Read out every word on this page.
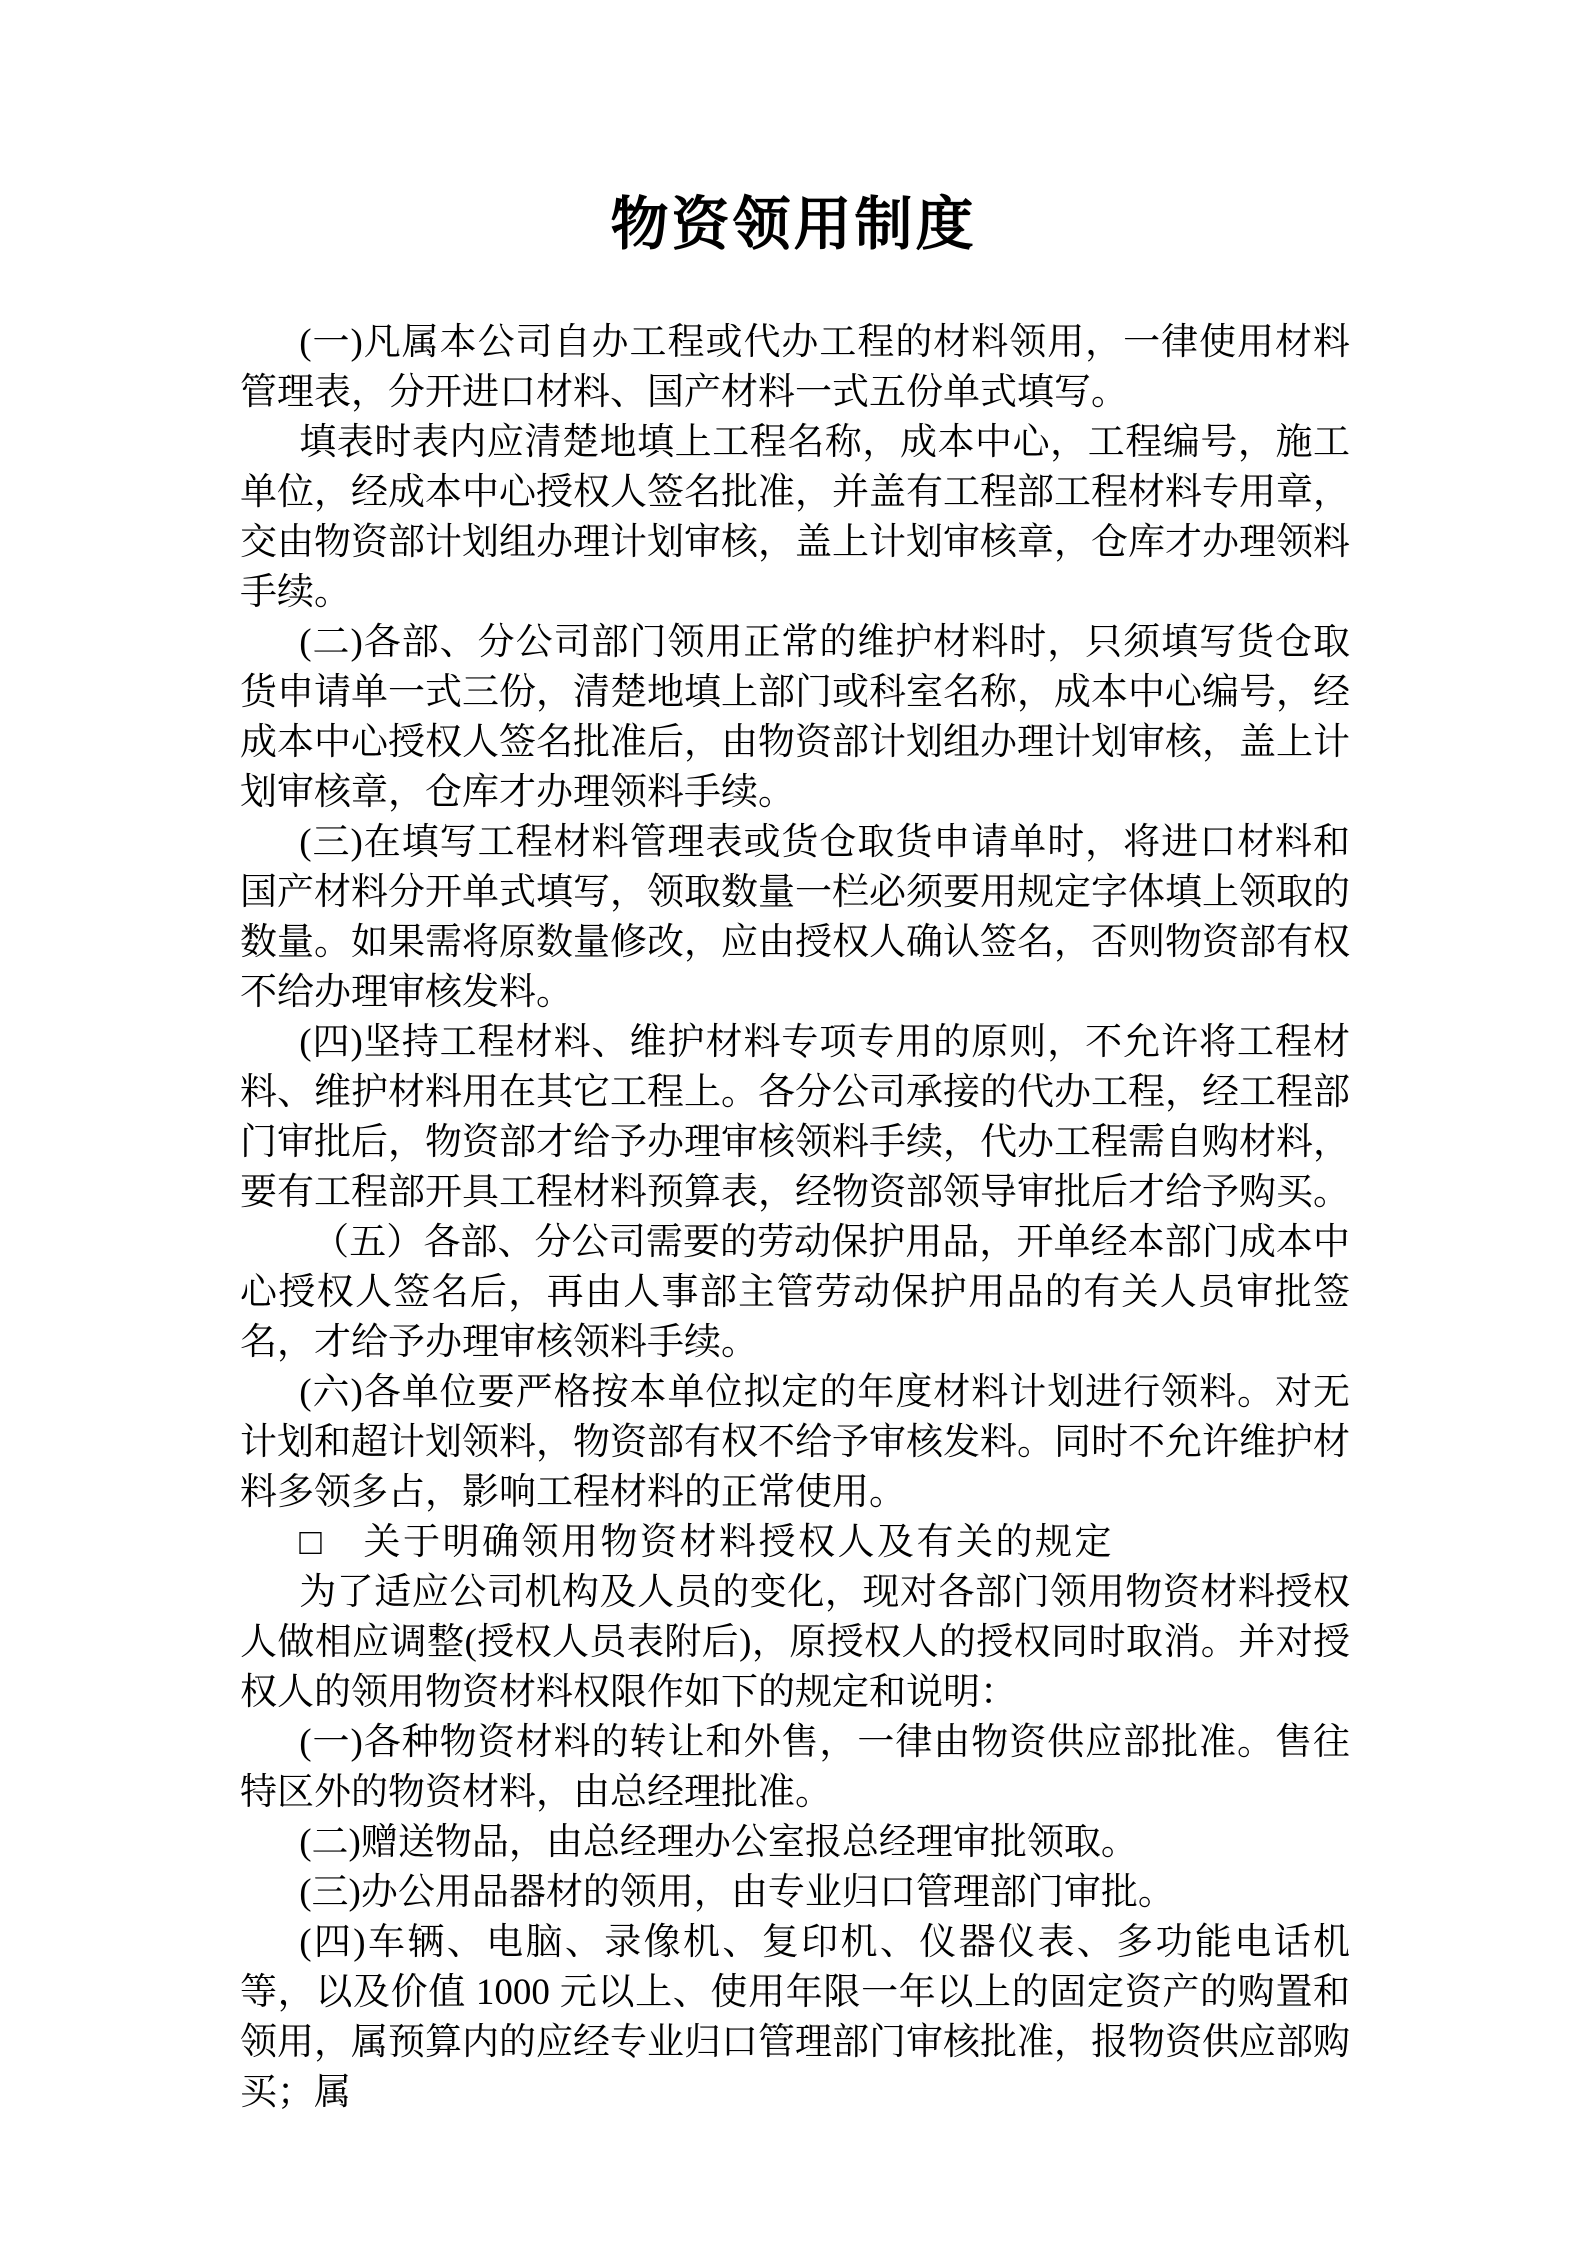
物资领用制度

(一)凡属本公司自办工程或代办工程的材料领用，一律使用材料管理表，分开进口材料、国产材料一式五份单式填写。

填表时表内应清楚地填上工程名称，成本中心，工程编号，施工单位，经成本中心授权人签名批准，并盖有工程部工程材料专用章，交由物资部计划组办理计划审核，盖上计划审核章，仓库才办理领料手续。

(二)各部、分公司部门领用正常的维护材料时，只须填写货仓取货申请单一式三份，清楚地填上部门或科室名称，成本中心编号，经成本中心授权人签名批准后，由物资部计划组办理计划审核，盖上计划审核章，仓库才办理领料手续。

(三)在填写工程材料管理表或货仓取货申请单时，将进口材料和国产材料分开单式填写，领取数量一栏必须要用规定字体填上领取的数量。如果需将原数量修改，应由授权人确认签名，否则物资部有权不给办理审核发料。

(四)坚持工程材料、维护材料专项专用的原则，不允许将工程材料、维护材料用在其它工程上。各分公司承接的代办工程，经工程部门审批后，物资部才给予办理审核领料手续，代办工程需自购材料，要有工程部开具工程材料预算表，经物资部领导审批后才给予购买。

（五）各部、分公司需要的劳动保护用品，开单经本部门成本中心授权人签名后，再由人事部主管劳动保护用品的有关人员审批签名，才给予办理审核领料手续。

(六)各单位要严格按本单位拟定的年度材料计划进行领料。对无计划和超计划领料，物资部有权不给予审核发料。同时不允许维护材料多领多占，影响工程材料的正常使用。

□　关于明确领用物资材料授权人及有关的规定

为了适应公司机构及人员的变化，现对各部门领用物资材料授权人做相应调整(授权人员表附后)，原授权人的授权同时取消。并对授权人的领用物资材料权限作如下的规定和说明：

(一)各种物资材料的转让和外售，一律由物资供应部批准。售往特区外的物资材料，由总经理批准。

(二)赠送物品，由总经理办公室报总经理审批领取。

(三)办公用品器材的领用，由专业归口管理部门审批。

(四)车辆、电脑、录像机、复印机、仪器仪表、多功能电话机等，以及价值 1000 元以上、使用年限一年以上的固定资产的购置和领用，属预算内的应经专业归口管理部门审核批准，报物资供应部购买；属
